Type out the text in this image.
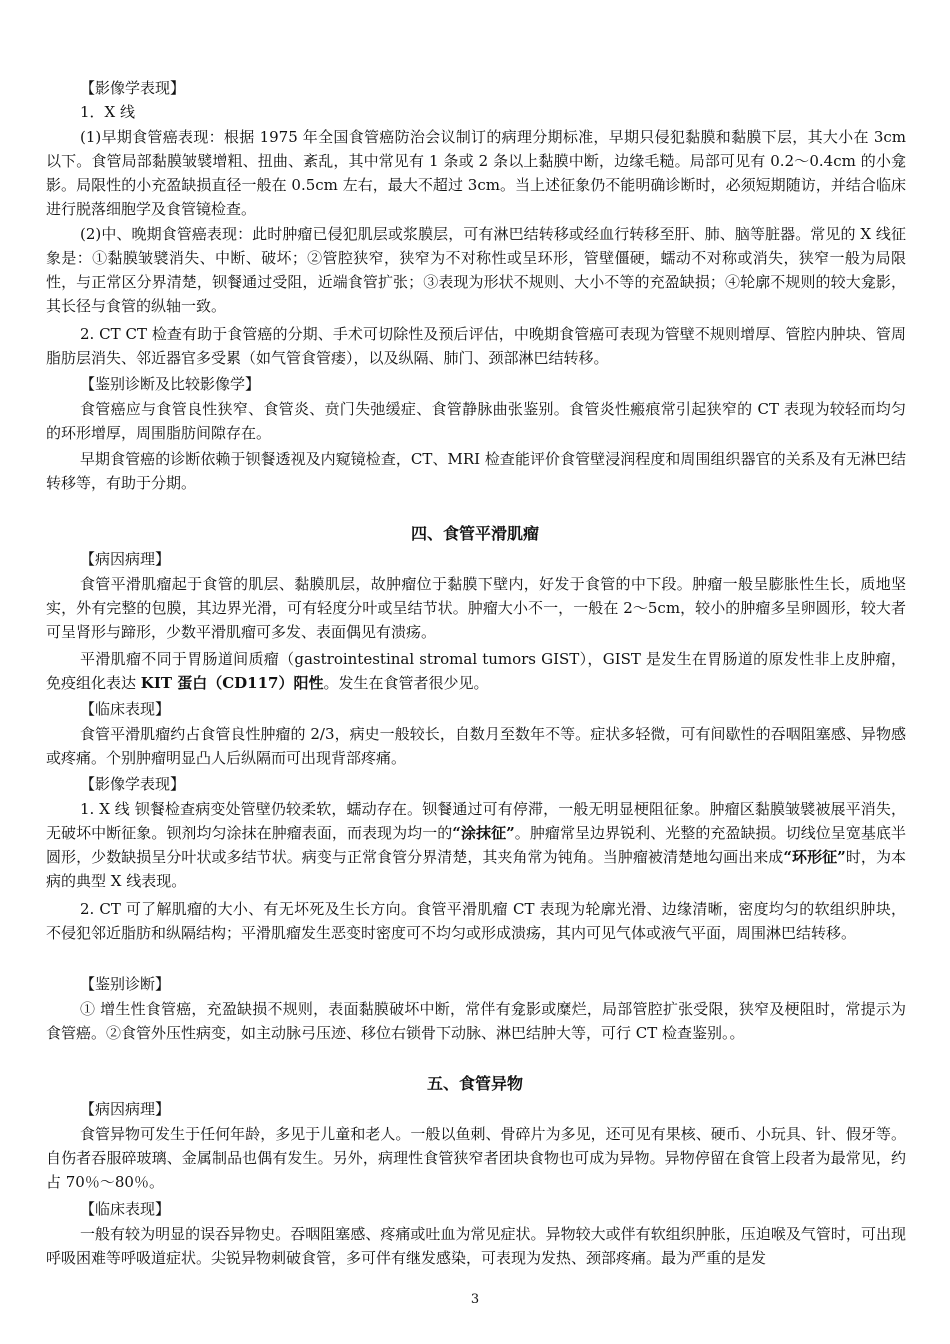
【影像学表现】

1．X 线

(1)早期食管癌表现：根据 1975 年全国食管癌防治会议制订的病理分期标准，早期只侵犯黏膜和黏膜下层，其大小在 3cm 以下。食管局部黏膜皱襞增粗、扭曲、紊乱，其中常见有 1 条或 2 条以上黏膜中断，边缘毛糙。局部可见有 0.2～0.4cm 的小龛影。局限性的小充盈缺损直径一般在 0.5cm 左右，最大不超过 3cm。当上述征象仍不能明确诊断时，必须短期随访，并结合临床进行脱落细胞学及食管镜检查。

(2)中、晚期食管癌表现：此时肿瘤已侵犯肌层或浆膜层，可有淋巴结转移或经血行转移至肝、肺、脑等脏器。常见的 X 线征象是：①黏膜皱襞消失、中断、破坏；②管腔狭窄，狭窄为不对称性或呈环形，管壁僵硬，蠕动不对称或消失，狭窄一般为局限性，与正常区分界清楚，钡餐通过受阻，近端食管扩张；③表现为形状不规则、大小不等的充盈缺损；④轮廓不规则的较大龛影，其长径与食管的纵轴一致。

2. CT CT 检查有助于食管癌的分期、手术可切除性及预后评估，中晚期食管癌可表现为管壁不规则增厚、管腔内肿块、管周脂肪层消失、邻近器官多受累（如气管食管瘘），以及纵隔、肺门、颈部淋巴结转移。

【鉴别诊断及比较影像学】

食管癌应与食管良性狭窄、食管炎、贲门失弛缓症、食管静脉曲张鉴别。食管炎性瘢痕常引起狭窄的 CT 表现为较轻而均匀的环形增厚，周围脂肪间隙存在。

早期食管癌的诊断依赖于钡餐透视及内窥镜检查，CT、MRI 检查能评价食管壁浸润程度和周围组织器官的关系及有无淋巴结转移等，有助于分期。

四、食管平滑肌瘤

【病因病理】

食管平滑肌瘤起于食管的肌层、黏膜肌层，故肿瘤位于黏膜下壁内，好发于食管的中下段。肿瘤一般呈膨胀性生长，质地坚实，外有完整的包膜，其边界光滑，可有轻度分叶或呈结节状。肿瘤大小不一，一般在 2～5cm，较小的肿瘤多呈卵圆形，较大者可呈肾形与蹄形，少数平滑肌瘤可多发、表面偶见有溃疡。

平滑肌瘤不同于胃肠道间质瘤（gastrointestinal stromal tumors GIST），GIST 是发生在胃肠道的原发性非上皮肿瘤，免疫组化表达 KIT 蛋白（CD117）阳性。发生在食管者很少见。

【临床表现】

食管平滑肌瘤约占食管良性肿瘤的 2/3，病史一般较长，自数月至数年不等。症状多轻微，可有间歇性的吞咽阻塞感、异物感或疼痛。个别肿瘤明显凸人后纵隔而可出现背部疼痛。

【影像学表现】

1. X 线 钡餐检查病变处管壁仍较柔软，蠕动存在。钡餐通过可有停滞，一般无明显梗阻征象。肿瘤区黏膜皱襞被展平消失，无破坏中断征象。钡剂均匀涂抹在肿瘤表面，而表现为均一的“涂抹征”。肿瘤常呈边界锐利、光整的充盈缺损。切线位呈宽基底半圆形，少数缺损呈分叶状或多结节状。病变与正常食管分界清楚，其夹角常为钝角。当肿瘤被清楚地勾画出来成“环形征”时，为本病的典型 X 线表现。

2. CT 可了解肌瘤的大小、有无坏死及生长方向。食管平滑肌瘤 CT 表现为轮廓光滑、边缘清晰，密度均匀的软组织肿块，不侵犯邻近脂肪和纵隔结构；平滑肌瘤发生恶变时密度可不均匀或形成溃疡，其内可见气体或液气平面，周围淋巴结转移。

【鉴别诊断】

① 增生性食管癌，充盈缺损不规则，表面黏膜破坏中断，常伴有龛影或糜烂，局部管腔扩张受限，狭窄及梗阻时，常提示为食管癌。②食管外压性病变，如主动脉弓压迹、移位右锁骨下动脉、淋巴结肿大等，可行 CT 检查鉴别。。

五、食管异物

【病因病理】

食管异物可发生于任何年龄，多见于儿童和老人。一般以鱼刺、骨碎片为多见，还可见有果核、硬币、小玩具、针、假牙等。自伤者吞服碎玻璃、金属制品也偶有发生。另外，病理性食管狭窄者团块食物也可成为异物。异物停留在食管上段者为最常见，约占 70％～80％。

【临床表现】

一般有较为明显的误吞异物史。吞咽阻塞感、疼痛或吐血为常见症状。异物较大或伴有软组织肿胀，压迫喉及气管时，可出现呼吸困难等呼吸道症状。尖锐异物刺破食管，多可伴有继发感染，可表现为发热、颈部疼痛。最为严重的是发

3
